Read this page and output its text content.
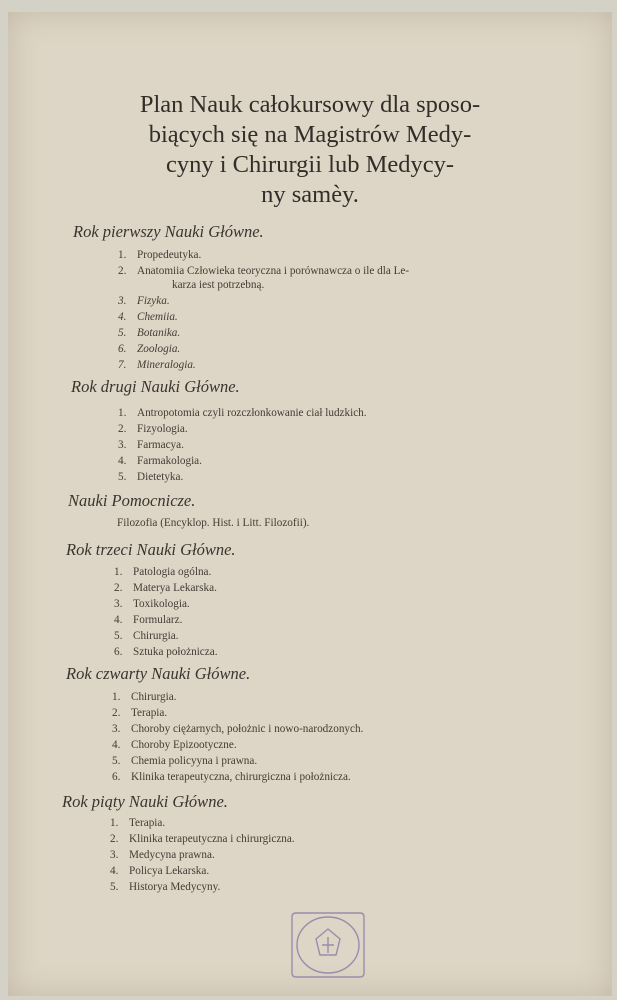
Plan Nauk całokursowy dla sposo-
biących się na Magistrów Medy-
cyny i Chirurgii lub Medycy-
ny samèy.
Rok pierwszy Nauki Główne.
1. Propedeutyka.
2. Anatomiia Człowieka teoryczna i porównawcza o ile dla Le-
karza iest potrzebną.
3. Fizyka.
4. Chemiia.
5. Botanika.
6. Zoologia.
7. Mineralogia.
Rok drugi Nauki Główne.
1. Antropotomia czyli rozczłonkowanie ciał ludzkich.
2. Fizyologia.
3. Farmacya.
4. Farmakologia.
5. Dietetyka.
Nauki Pomocnicze.
Filozofia (Encyklop. Hist. i Litt. Filozofii).
Rok trzeci Nauki Główne.
1. Patologia ogólna.
2. Materya Lekarska.
3. Toxikologia.
4. Formularz.
5. Chirurgia.
6. Sztuka położnicza.
Rok czwarty Nauki Główne.
1. Chirurgia.
2. Terapia.
3. Choroby ciężarnych, położnic i nowo-narodzonych.
4. Choroby Epizootyczne.
5. Chemia policyyna i prawna.
6. Klinika terapeutyczna, chirurgiczna i położnicza.
Rok piąty Nauki Główne.
1. Terapia.
2. Klinika terapeutyczna i chirurgiczna.
3. Medycyna prawna.
4. Policya Lekarska.
5. Historya Medycyny.
